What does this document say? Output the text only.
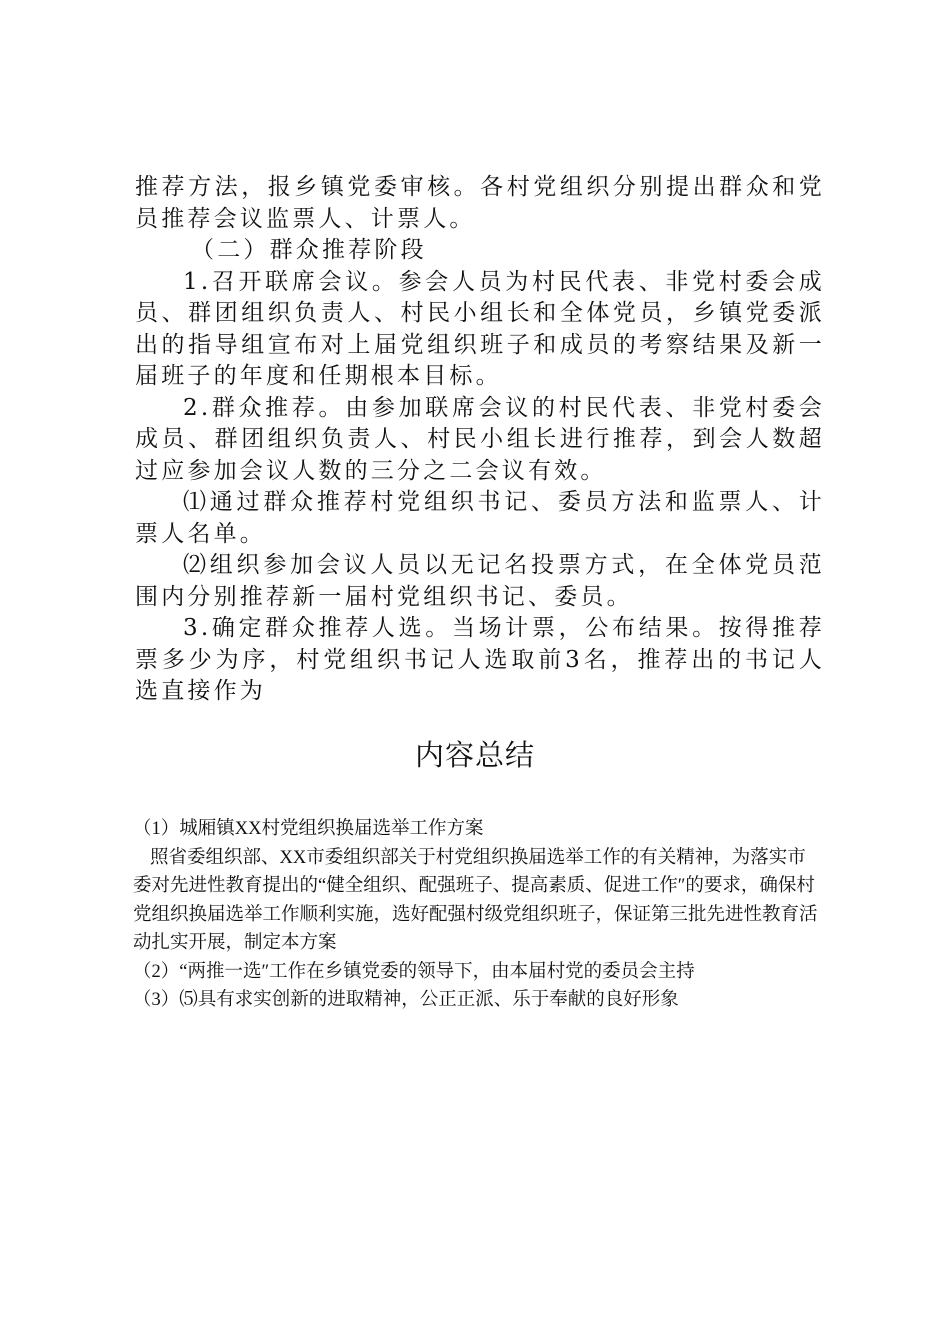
推荐方法，报乡镇党委审核。各村党组织分别提出群众和党员推荐会议监票人、计票人。

（二）群众推荐阶段

1.召开联席会议。参会人员为村民代表、非党村委会成员、群团组织负责人、村民小组长和全体党员，乡镇党委派出的指导组宣布对上届党组织班子和成员的考察结果及新一届班子的年度和任期根本目标。

2.群众推荐。由参加联席会议的村民代表、非党村委会成员、群团组织负责人、村民小组长进行推荐，到会人数超过应参加会议人数的三分之二会议有效。

⑴通过群众推荐村党组织书记、委员方法和监票人、计票人名单。

⑵组织参加会议人员以无记名投票方式，在全体党员范围内分别推荐新一届村党组织书记、委员。

3.确定群众推荐人选。当场计票，公布结果。按得推荐票多少为序，村党组织书记人选取前3名，推荐出的书记人选直接作为

内容总结

（1）城厢镇XX村党组织换届选举工作方案

照省委组织部、XX市委组织部关于村党组织换届选举工作的有关精神，为落实市委对先进性教育提出的“健全组织、配强班子、提高素质、促进工作″的要求，确保村党组织换届选举工作顺利实施，选好配强村级党组织班子，保证第三批先进性教育活动扎实开展，制定本方案

（2）“两推一选″工作在乡镇党委的领导下，由本届村党的委员会主持

（3）⑸具有求实创新的进取精神，公正正派、乐于奉献的良好形象
